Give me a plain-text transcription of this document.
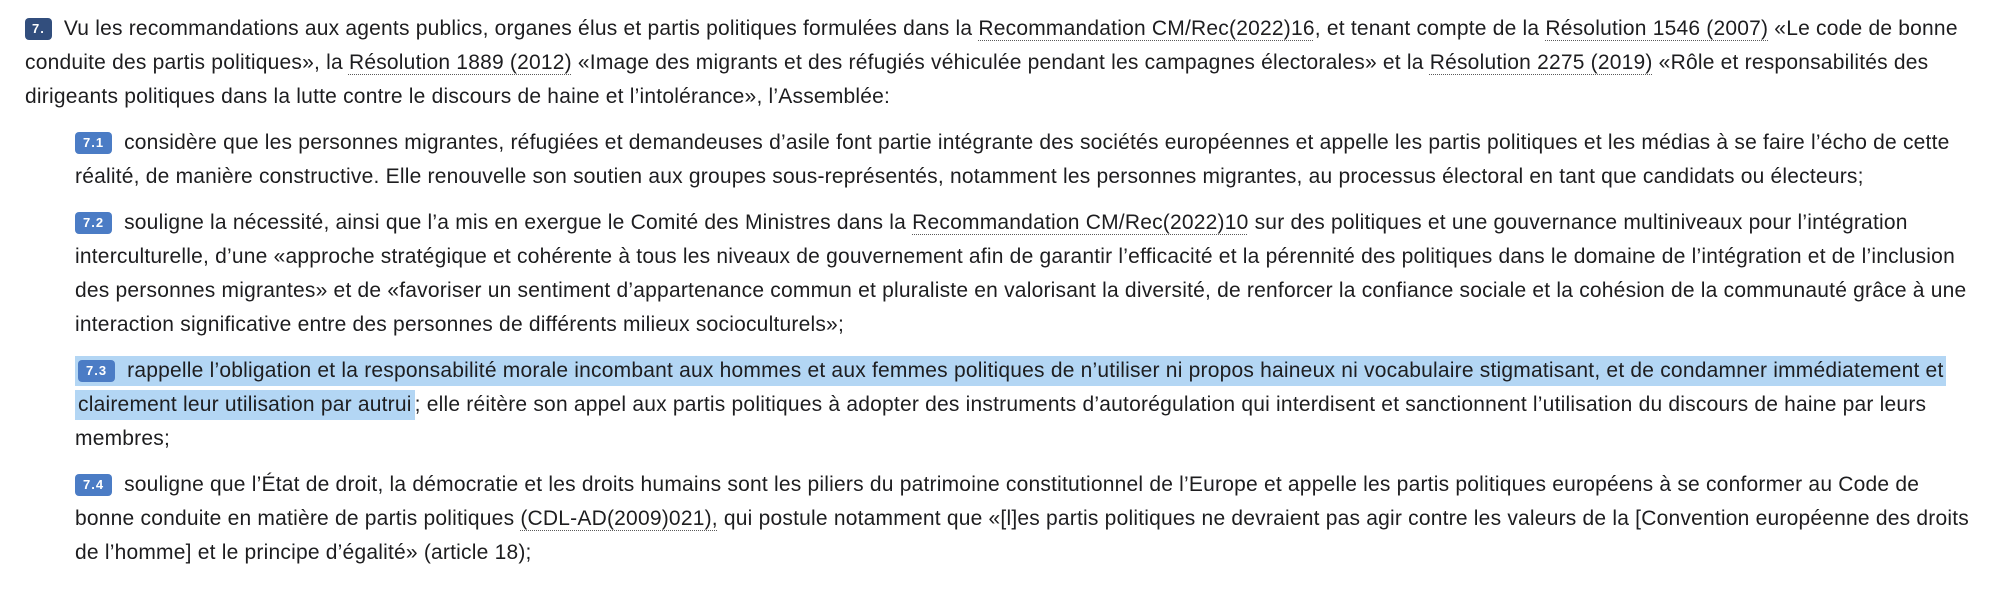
7. Vu les recommandations aux agents publics, organes élus et partis politiques formulées dans la Recommandation CM/Rec(2022)16, et tenant compte de la Résolution 1546 (2007) «Le code de bonne conduite des partis politiques», la Résolution 1889 (2012) «Image des migrants et des réfugiés véhiculée pendant les campagnes électorales» et la Résolution 2275 (2019) «Rôle et responsabilités des dirigeants politiques dans la lutte contre le discours de haine et l’intolérance», l’Assemblée:
7.1 considère que les personnes migrantes, réfugiées et demandeuses d’asile font partie intégrante des sociétés européennes et appelle les partis politiques et les médias à se faire l’écho de cette réalité, de manière constructive. Elle renouvelle son soutien aux groupes sous-représentés, notamment les personnes migrantes, au processus électoral en tant que candidats ou électeurs;
7.2 souligne la nécessité, ainsi que l’a mis en exergue le Comité des Ministres dans la Recommandation CM/Rec(2022)10 sur des politiques et une gouvernance multiniveaux pour l’intégration interculturelle, d’une «approche stratégique et cohérente à tous les niveaux de gouvernement afin de garantir l’efficacité et la pérennité des politiques dans le domaine de l’intégration et de l’inclusion des personnes migrantes» et de «favoriser un sentiment d’appartenance commun et pluraliste en valorisant la diversité, de renforcer la confiance sociale et la cohésion de la communauté grâce à une interaction significative entre des personnes de différents milieux socioculturels»;
7.3 rappelle l’obligation et la responsabilité morale incombant aux hommes et aux femmes politiques de n’utiliser ni propos haineux ni vocabulaire stigmatisant, et de condamner immédiatement et clairement leur utilisation par autrui ; elle réitère son appel aux partis politiques à adopter des instruments d’autorégulation qui interdisent et sanctionnent l’utilisation du discours de haine par leurs membres;
7.4 souligne que l’État de droit, la démocratie et les droits humains sont les piliers du patrimoine constitutionnel de l’Europe et appelle les partis politiques européens à se conformer au Code de bonne conduite en matière de partis politiques (CDL-AD(2009)021), qui postule notamment que «[l]es partis politiques ne devraient pas agir contre les valeurs de la [Convention européenne des droits de l’homme] et le principe d’égalité» (article 18);
